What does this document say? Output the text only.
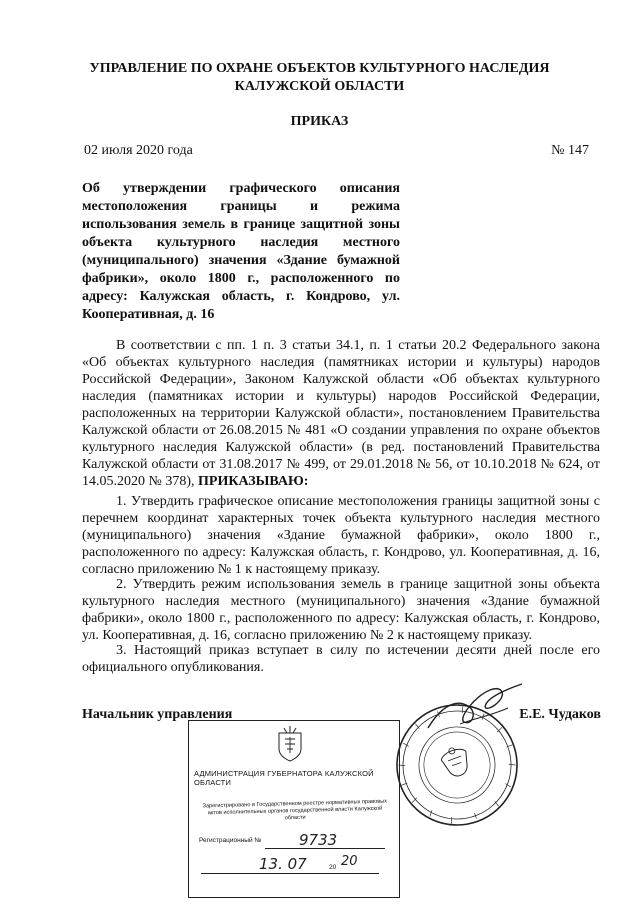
УПРАВЛЕНИЕ ПО ОХРАНЕ ОБЪЕКТОВ КУЛЬТУРНОГО НАСЛЕДИЯ
КАЛУЖСКОЙ ОБЛАСТИ
ПРИКАЗ
02 июля 2020 года	№ 147
Об утверждении графического описания местоположения границы и режима использования земель в границе защитной зоны объекта культурного наследия местного (муниципального) значения «Здание бумажной фабрики», около 1800 г., расположенного по адресу: Калужская область, г. Кондрово, ул. Кооперативная, д. 16
В соответствии с пп. 1 п. 3 статьи 34.1, п. 1 статьи 20.2 Федерального закона «Об объектах культурного наследия (памятниках истории и культуры) народов Российской Федерации», Законом Калужской области «Об объектах культурного наследия (памятниках истории и культуры) народов Российской Федерации, расположенных на территории Калужской области», постановлением Правительства Калужской области от 26.08.2015 № 481 «О создании управления по охране объектов культурного наследия Калужской области» (в ред. постановлений Правительства Калужской области от 31.08.2017 № 499, от 29.01.2018 № 56, от 10.10.2018 № 624, от 14.05.2020 № 378), ПРИКАЗЫВАЮ:
1. Утвердить графическое описание местоположения границы защитной зоны с перечнем координат характерных точек объекта культурного наследия местного (муниципального) значения «Здание бумажной фабрики», около 1800 г., расположенного по адресу: Калужская область, г. Кондрово, ул. Кооперативная, д. 16, согласно приложению № 1 к настоящему приказу.
2. Утвердить режим использования земель в границе защитной зоны объекта культурного наследия местного (муниципального) значения «Здание бумажной фабрики», около 1800 г., расположенного по адресу: Калужская область, г. Кондрово, ул. Кооперативная, д. 16, согласно приложению № 2 к настоящему приказу.
3. Настоящий приказ вступает в силу по истечении десяти дней после его официального опубликования.
Начальник управления	Е.Е. Чудаков
АДМИНИСТРАЦИЯ ГУБЕРНАТОРА КАЛУЖСКОЙ ОБЛАСТИ
Зарегистрировано в Государственном реестре нормативных правовых актов исполнительных органов государственной власти Калужской области
Регистрационный №	9733
13. 07	20 20
